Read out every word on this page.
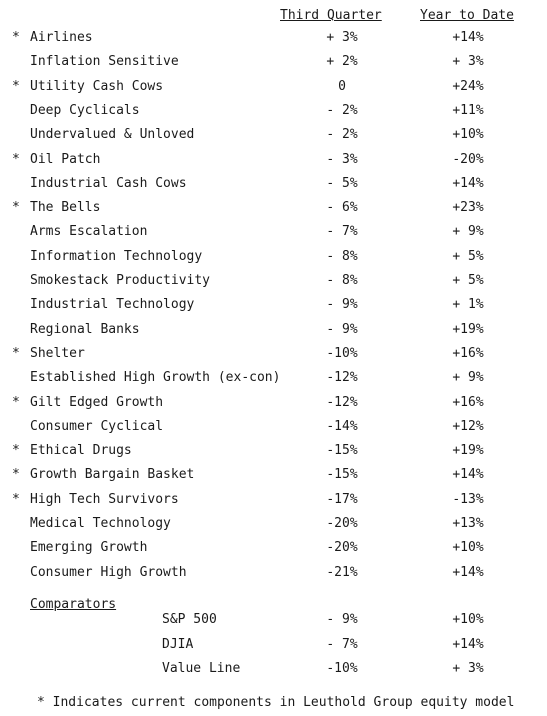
Third Quarter	Year to Date
* Airlines	+ 3%	+14%
Inflation Sensitive	+ 2%	+ 3%
* Utility Cash Cows	0	+24%
Deep Cyclicals	- 2%	+11%
Undervalued & Unloved	- 2%	+10%
* Oil Patch	- 3%	-20%
Industrial Cash Cows	- 5%	+14%
* The Bells	- 6%	+23%
Arms Escalation	- 7%	+ 9%
Information Technology	- 8%	+ 5%
Smokestack Productivity	- 8%	+ 5%
Industrial Technology	- 9%	+ 1%
Regional Banks	- 9%	+19%
* Shelter	-10%	+16%
Established High Growth (ex-con)	-12%	+ 9%
* Gilt Edged Growth	-12%	+16%
Consumer Cyclical	-14%	+12%
* Ethical Drugs	-15%	+19%
* Growth Bargain Basket	-15%	+14%
* High Tech Survivors	-17%	-13%
Medical Technology	-20%	+13%
Emerging Growth	-20%	+10%
Consumer High Growth	-21%	+14%
Comparators
S&P 500	- 9%	+10%
DJIA	- 7%	+14%
Value Line	-10%	+ 3%
* Indicates current components in Leuthold Group equity model
